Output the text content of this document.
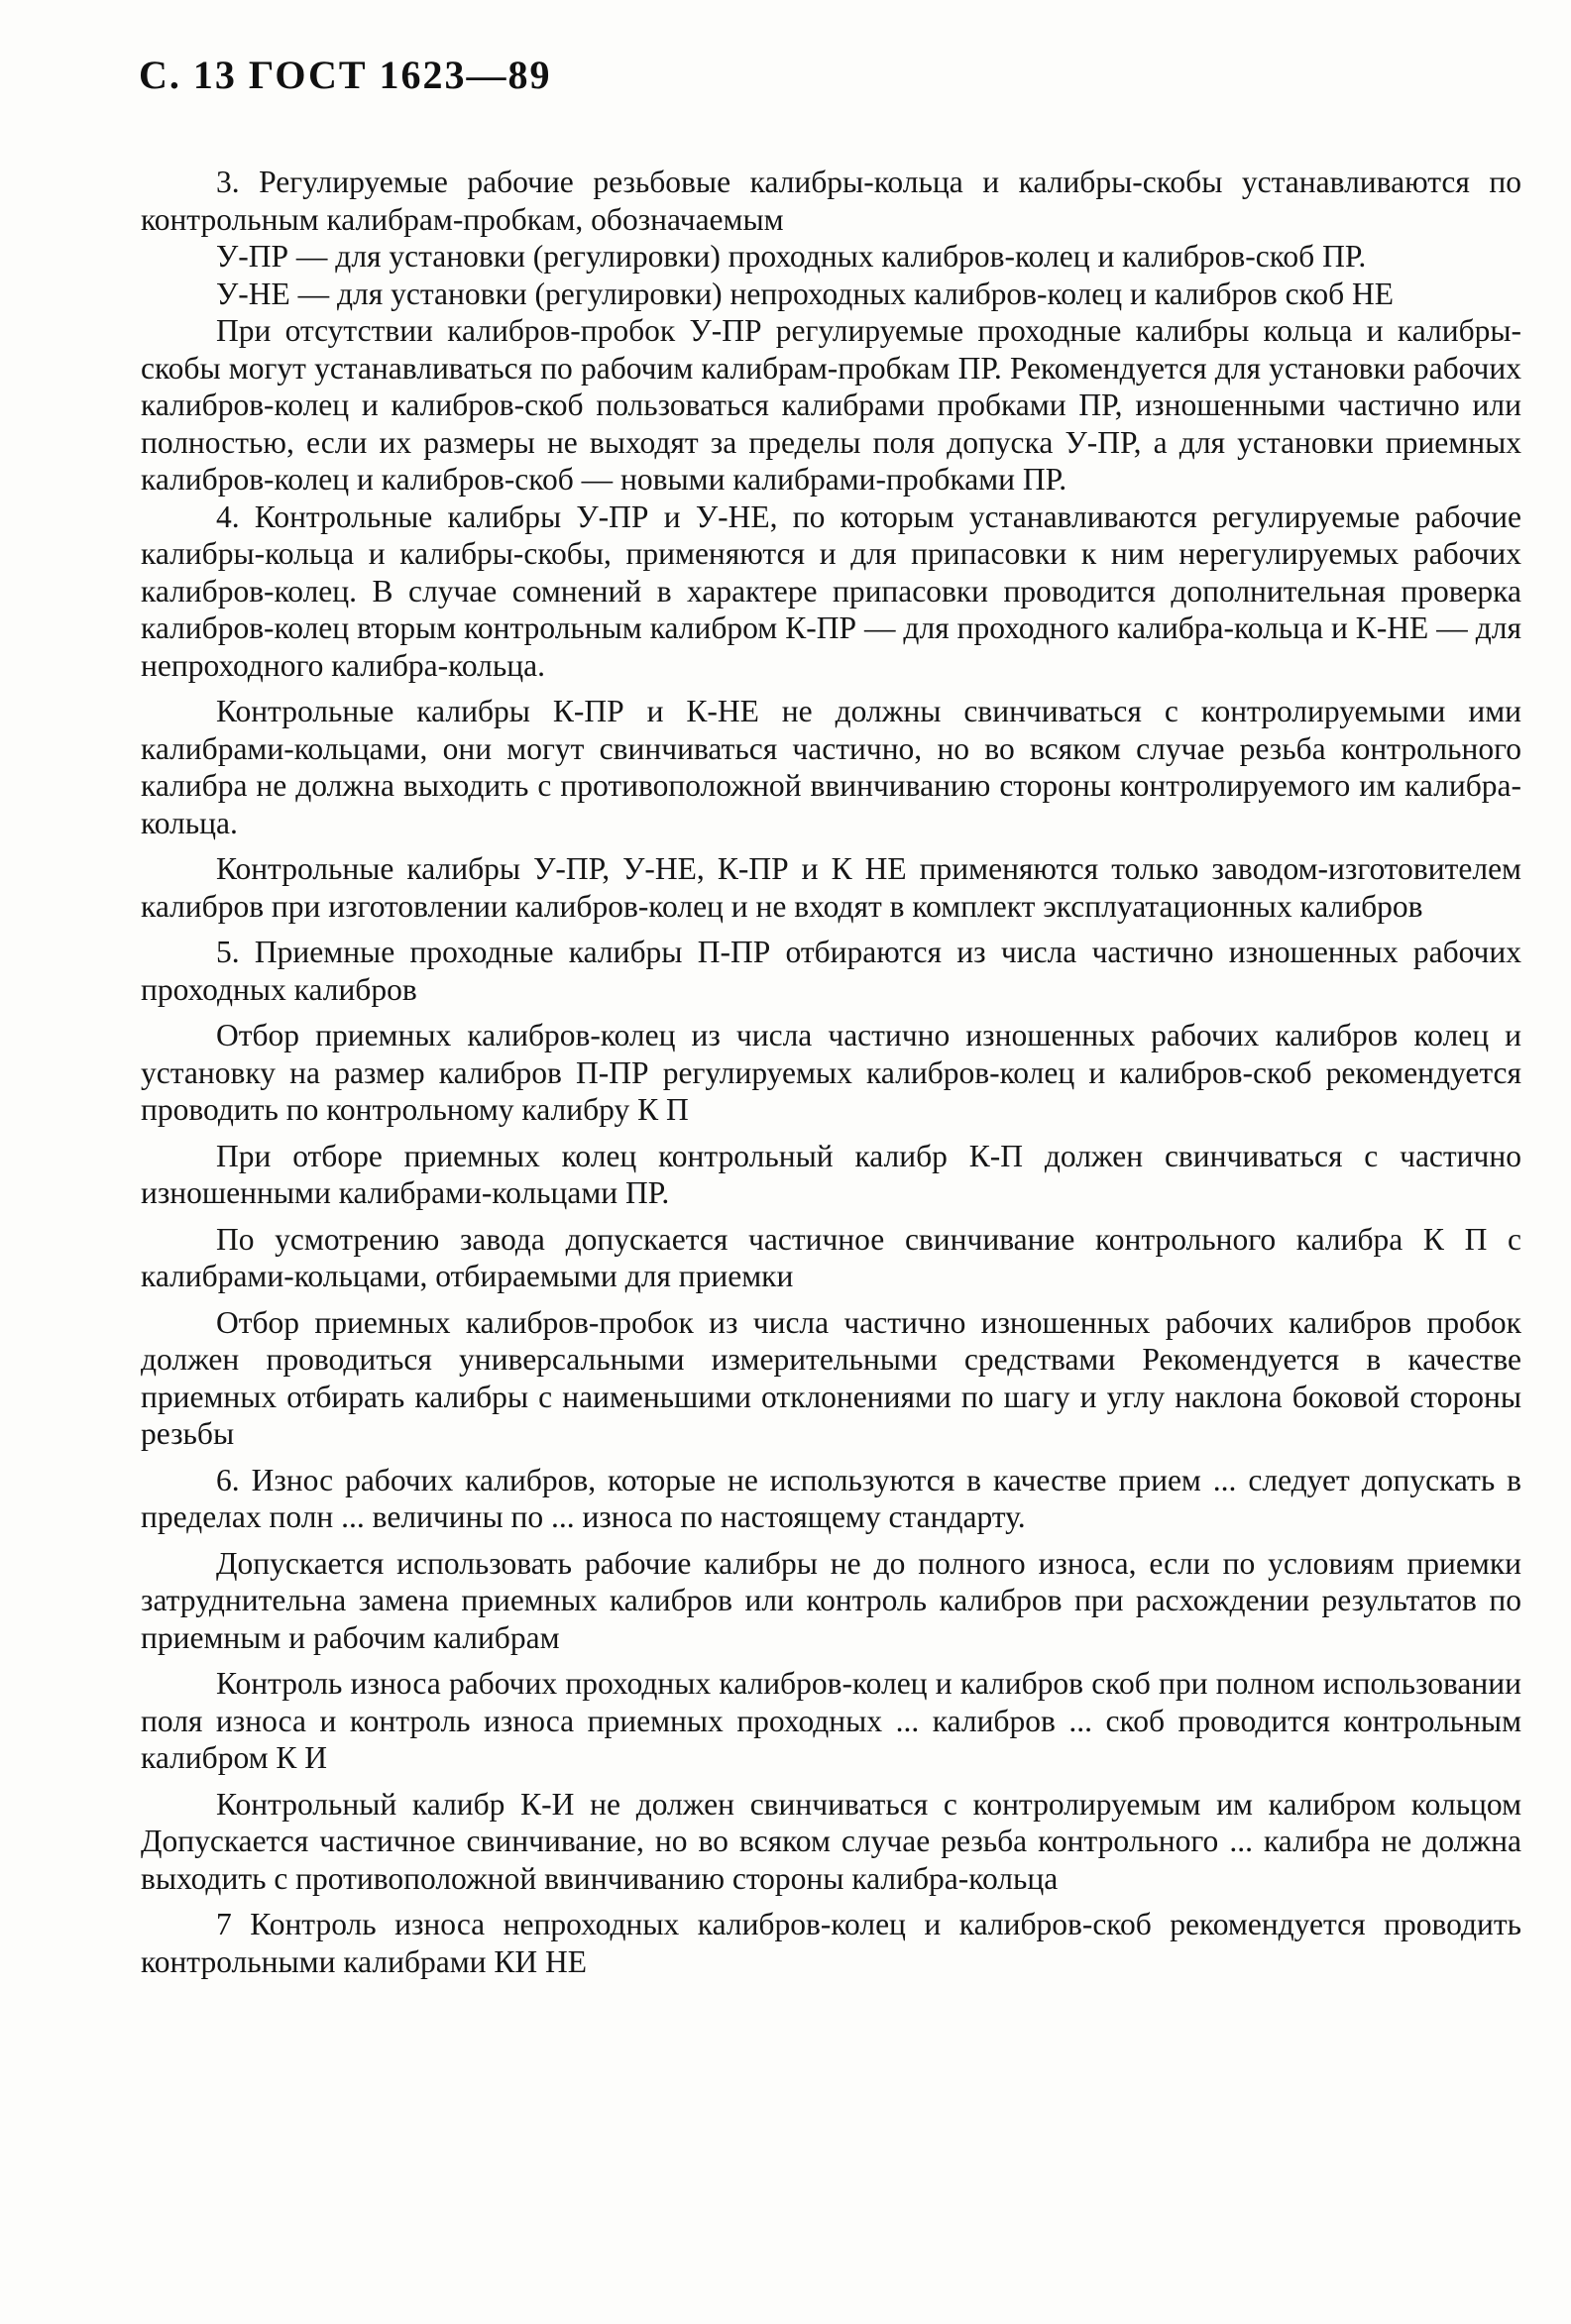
С. 13 ГОСТ 1623—89

3. Регулируемые рабочие резьбовые калибры-кольца и калибры-скобы устанавливаются по контрольным калибрам-пробкам, обозначаемым

У-ПР — для установки (регулировки) проходных калибров-колец и калибров-скоб ПР.

У-НЕ — для установки (регулировки) непроходных калибров-колец и калибров скоб НЕ

При отсутствии калибров-пробок У-ПР регулируемые проходные калибры кольца и калибры-скобы могут устанавливаться по рабочим калибрам-пробкам ПР. Рекомендуется для установки рабочих калибров-колец и калибров-скоб пользоваться калибрами пробками ПР, изношенными частично или полностью, если их размеры не выходят за пределы поля допуска У-ПР, а для установки приемных калибров-колец и калибров-скоб — новыми калибрами-пробками ПР.

4. Контрольные калибры У-ПР и У-НЕ, по которым устанавливаются регулируемые рабочие калибры-кольца и калибры-скобы, применяются и для припасовки к ним нерегулируемых рабочих калибров-колец. В случае сомнений в характере припасовки проводится дополнительная проверка калибров-колец вторым контрольным калибром К-ПР — для проходного калибра-кольца и К-НЕ — для непроходного калибра-кольца.

Контрольные калибры К-ПР и К-НЕ не должны свинчиваться с контролируемыми ими калибрами-кольцами, они могут свинчиваться частично, но во всяком случае резьба контрольного калибра не должна выходить с противоположной ввинчиванию стороны контролируемого им калибра-кольца.

Контрольные калибры У-ПР, У-НЕ, К-ПР и К НЕ применяются только заводом-изготовителем калибров при изготовлении калибров-колец и не входят в комплект эксплуатационных калибров

5. Приемные проходные калибры П-ПР отбираются из числа частично изношенных рабочих проходных калибров

Отбор приемных калибров-колец из числа частично изношенных рабочих калибров колец и установку на размер калибров П-ПР регулируемых калибров-колец и калибров-скоб рекомендуется проводить по контрольному калибру К П

При отборе приемных колец контрольный калибр К-П должен свинчиваться с частично изношенными калибрами-кольцами ПР.

По усмотрению завода допускается частичное свинчивание контрольного калибра К П с калибрами-кольцами, отбираемыми для приемки

Отбор приемных калибров-пробок из числа частично изношенных рабочих калибров пробок должен проводиться универсальными измерительными средствами Рекомендуется в качестве приемных отбирать калибры с наименьшими отклонениями по шагу и углу наклона боковой стороны резьбы

6. Износ рабочих калибров, которые не используются в качестве прием ... следует допускать в пределах полн ... величины по ... износа по настоящему стандарту.

Допускается использовать рабочие калибры не до полного износа, если по условиям приемки затруднительна замена приемных калибров или контроль калибров при расхождении результатов по приемным и рабочим калибрам

Контроль износа рабочих проходных калибров-колец и калибров скоб при полном использовании поля износа и контроль износа приемных проходных ... калибров ... скоб проводится контрольным калибром К И

Контрольный калибр К-И не должен свинчиваться с контролируемым им калибром кольцом Допускается частичное свинчивание, но во всяком случае резьба контрольного ... калибра не должна выходить с противоположной ввинчиванию стороны калибра-кольца

7 Контроль износа непроходных калибров-колец и калибров-скоб рекомендуется проводить контрольными калибрами КИ НЕ
